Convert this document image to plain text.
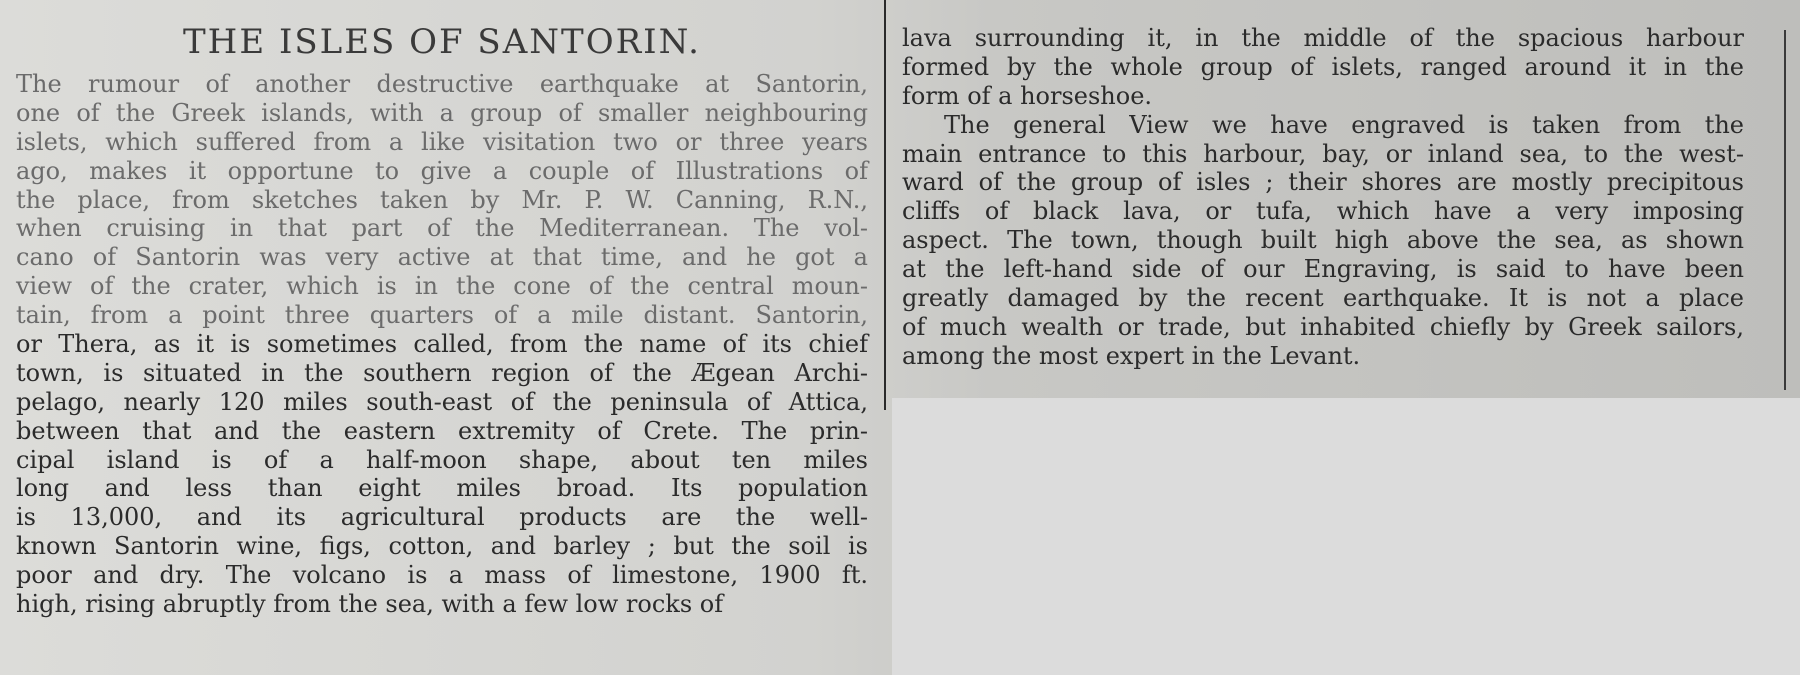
THE ISLES OF SANTORIN.
The rumour of another destructive earthquake at Santorin,
one of the Greek islands, with a group of smaller neighbouring
islets, which suffered from a like visitation two or three years
ago, makes it opportune to give a couple of Illustrations of
the place, from sketches taken by Mr. P. W. Canning, R.N.,
when cruising in that part of the Mediterranean. The vol-
cano of Santorin was very active at that time, and he got a
view of the crater, which is in the cone of the central moun-
tain, from a point three quarters of a mile distant. Santorin,
or Thera, as it is sometimes called, from the name of its chief
town, is situated in the southern region of the Ægean Archi-
pelago, nearly 120 miles south-east of the peninsula of Attica,
between that and the eastern extremity of Crete. The prin-
cipal island is of a half-moon shape, about ten miles
long and less than eight miles broad. Its population
is 13,000, and its agricultural products are the well-
known Santorin wine, figs, cotton, and barley ; but the soil is
poor and dry. The volcano is a mass of limestone, 1900 ft.
high, rising abruptly from the sea, with a few low rocks of
lava surrounding it, in the middle of the spacious harbour
formed by the whole group of islets, ranged around it in the
form of a horseshoe.
The general View we have engraved is taken from the
main entrance to this harbour, bay, or inland sea, to the west-
ward of the group of isles ; their shores are mostly precipitous
cliffs of black lava, or tufa, which have a very imposing
aspect. The town, though built high above the sea, as shown
at the left-hand side of our Engraving, is said to have been
greatly damaged by the recent earthquake. It is not a place
of much wealth or trade, but inhabited chiefly by Greek sailors,
among the most expert in the Levant.
